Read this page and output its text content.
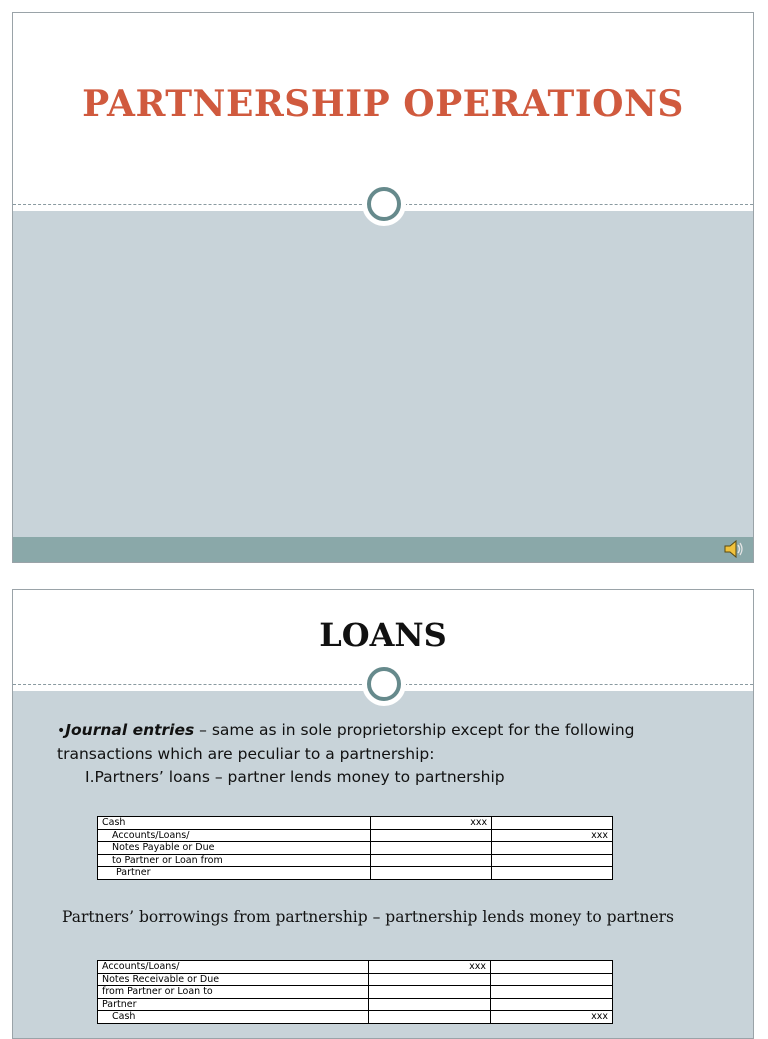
PARTNERSHIP OPERATIONS
LOANS
•Journal entries – same as in sole proprietorship except for the following transactions which are peculiar to a partnership:
I.Partners’ loans – partner lends money to partnership
Cash	xxx	
Accounts/Loans/		xxx
Notes Payable or Due		
to Partner or Loan from		
Partner		
Partners’ borrowings from partnership – partnership lends money to partners
Accounts/Loans/	xxx	
Notes Receivable or Due		
from Partner or Loan to		
Partner		
Cash		xxx
